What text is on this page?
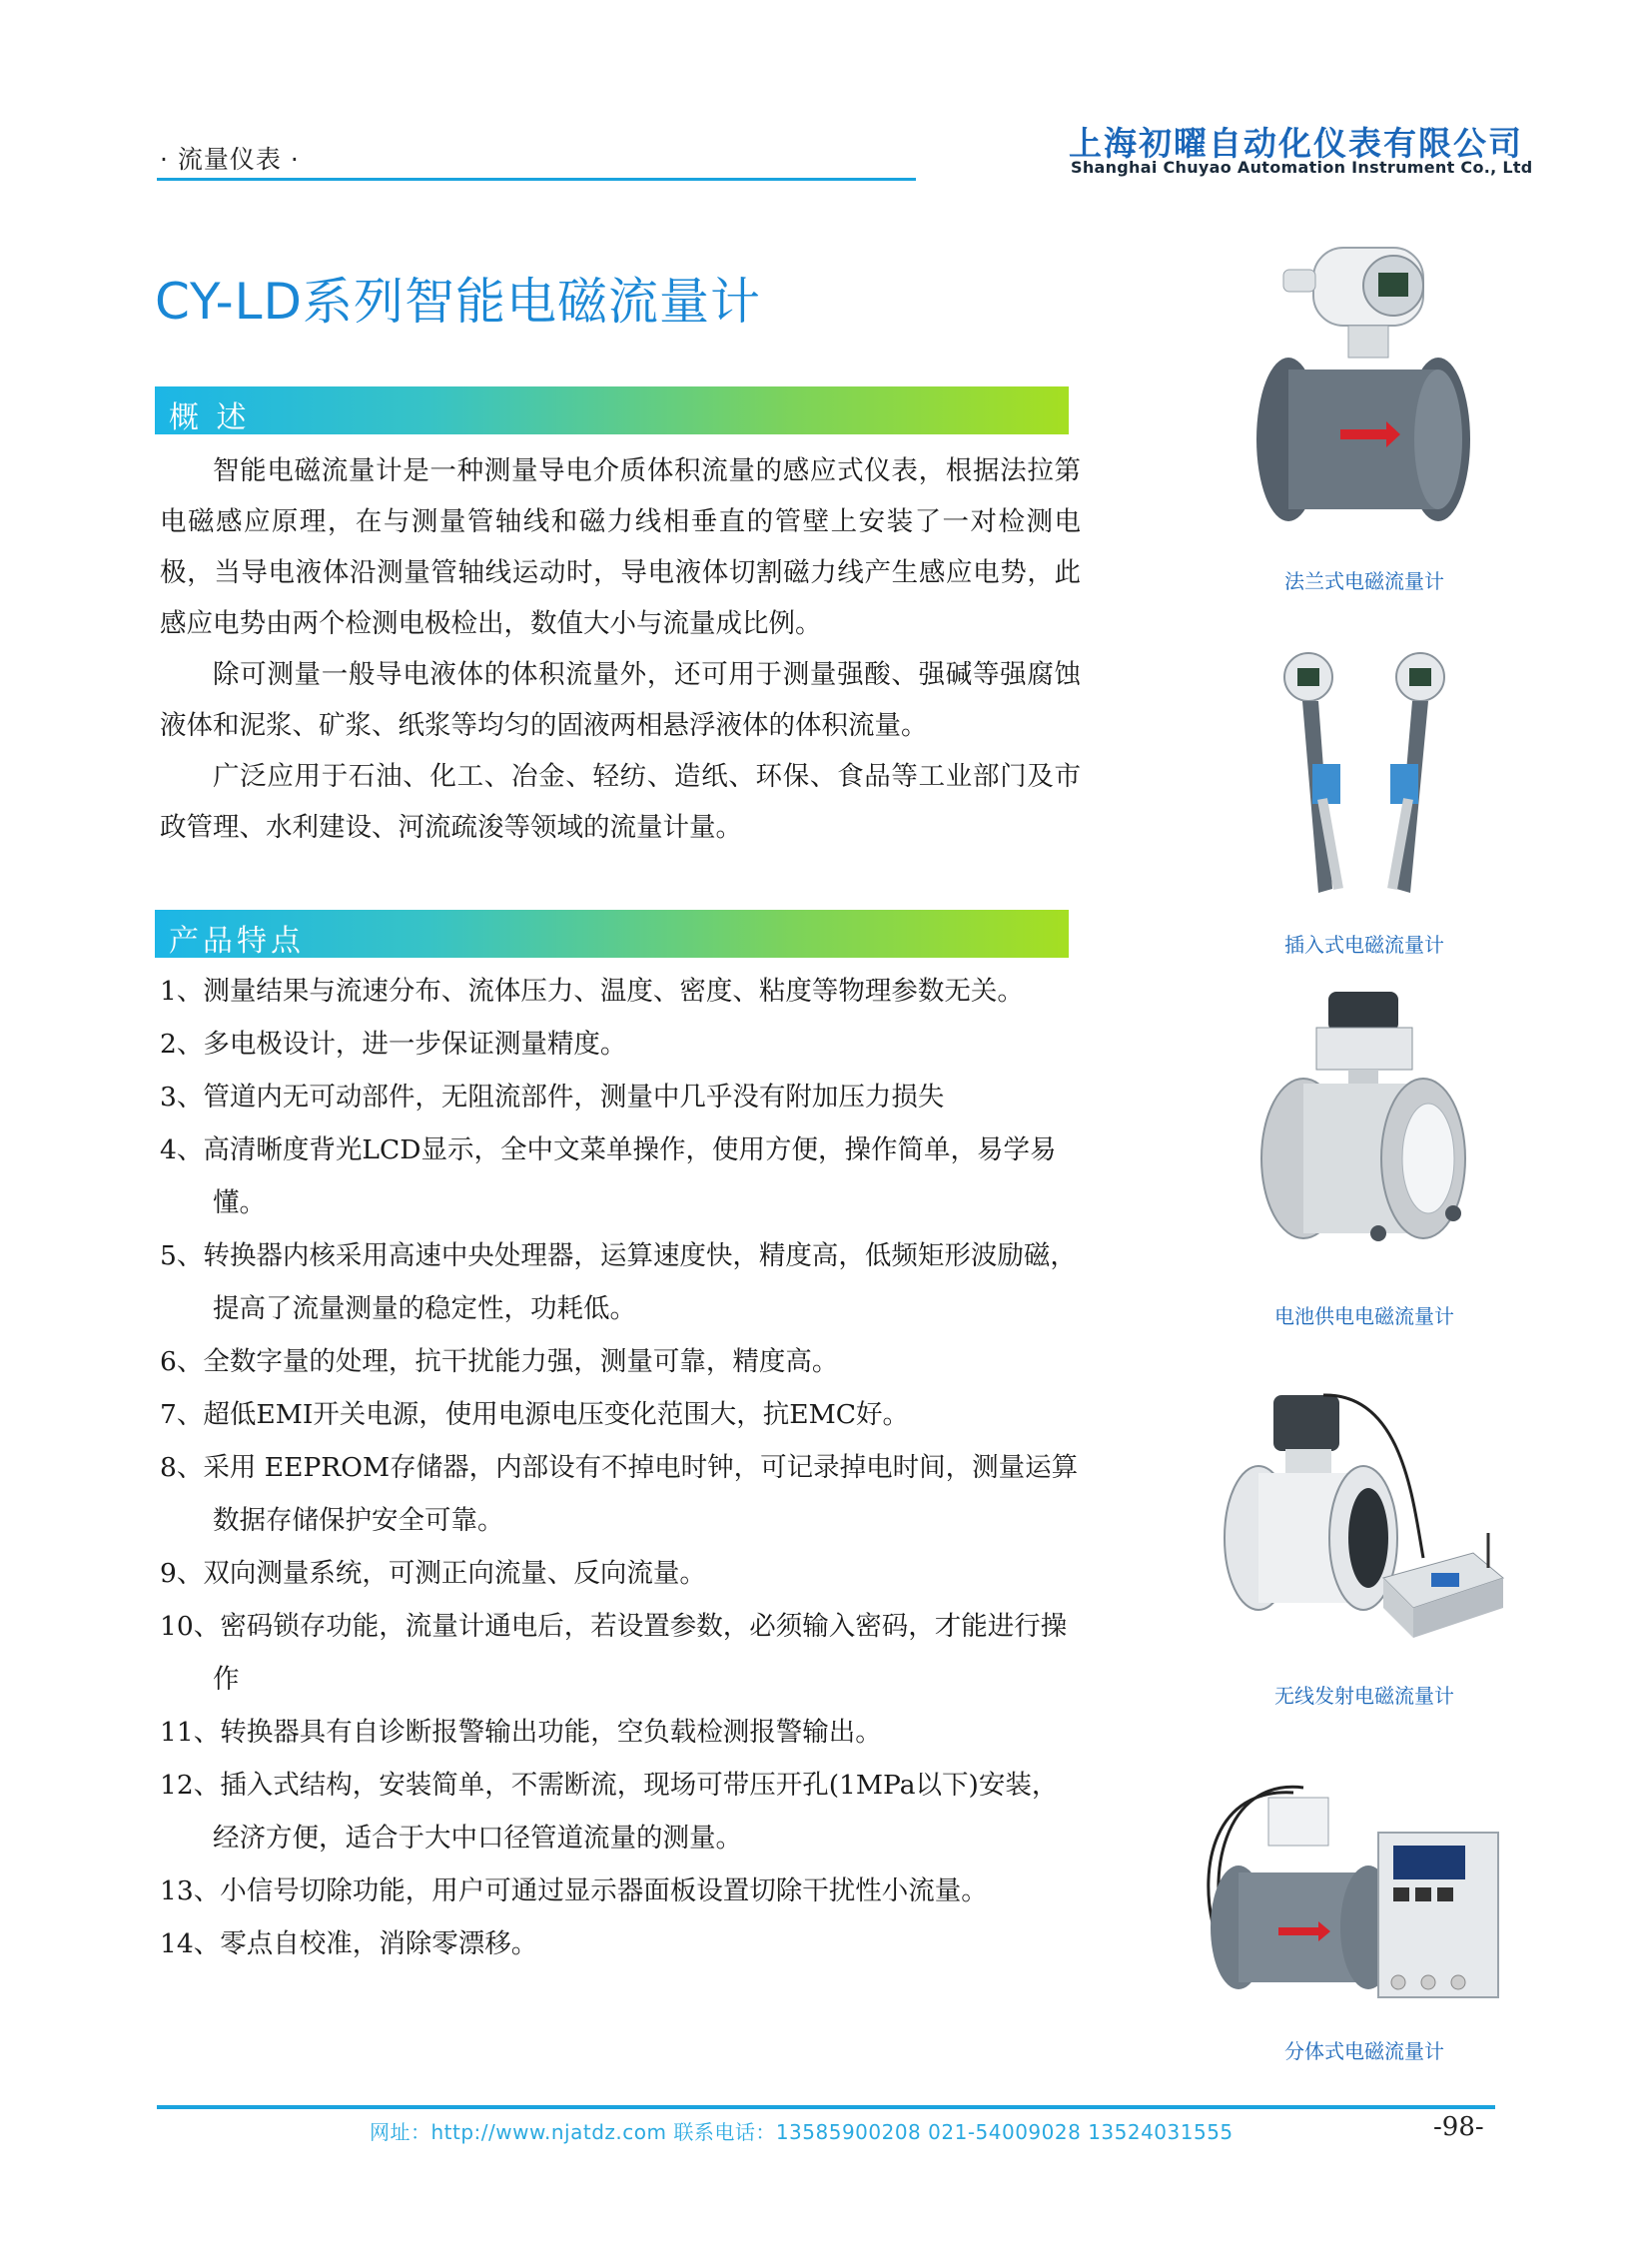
· 流量仪表 ·	上海初曜自动化仪表有限公司
Shanghai Chuyao Automation Instrument Co., Ltd
CY-LD系列智能电磁流量计
概 述

智能电磁流量计是一种测量导电介质体积流量的感应式仪表，根据法拉第电磁感应原理，在与测量管轴线和磁力线相垂直的管壁上安装了一对检测电极，当导电液体沿测量管轴线运动时，导电液体切割磁力线产生感应电势，此感应电势由两个检测电极检出，数值大小与流量成比例。

除可测量一般导电液体的体积流量外，还可用于测量强酸、强碱等强腐蚀液体和泥浆、矿浆、纸浆等均匀的固液两相悬浮液体的体积流量。

广泛应用于石油、化工、冶金、轻纺、造纸、环保、食品等工业部门及市政管理、水利建设、河流疏浚等领域的流量计量。

产品特点
1、测量结果与流速分布、流体压力、温度、密度、粘度等物理参数无关。
2、多电极设计，进一步保证测量精度。
3、管道内无可动部件，无阻流部件，测量中几乎没有附加压力损失
4、高清晰度背光LCD显示，全中文菜单操作，使用方便，操作简单，易学易懂。
5、转换器内核采用高速中央处理器，运算速度快，精度高，低频矩形波励磁，提高了流量测量的稳定性，功耗低。
6、全数字量的处理，抗干扰能力强，测量可靠，精度高。
7、超低EMI开关电源，使用电源电压变化范围大，抗EMC好。
8、采用 EEPROM存储器，内部设有不掉电时钟，可记录掉电时间，测量运算数据存储保护安全可靠。
9、双向测量系统，可测正向流量、反向流量。
10、密码锁存功能，流量计通电后，若设置参数，必须输入密码，才能进行操作
11、转换器具有自诊断报警输出功能，空负载检测报警输出。
12、插入式结构，安装简单，不需断流，现场可带压开孔(1MPa以下)安装，经济方便，适合于大中口径管道流量的测量。
13、小信号切除功能，用户可通过显示器面板设置切除干扰性小流量。
14、零点自校准，消除零漂移。
法兰式电磁流量计
插入式电磁流量计
电池供电电磁流量计
无线发射电磁流量计
分体式电磁流量计
网址：http://www.njatdz.com 联系电话：13585900208 021-54009028 13524031555	-98-
